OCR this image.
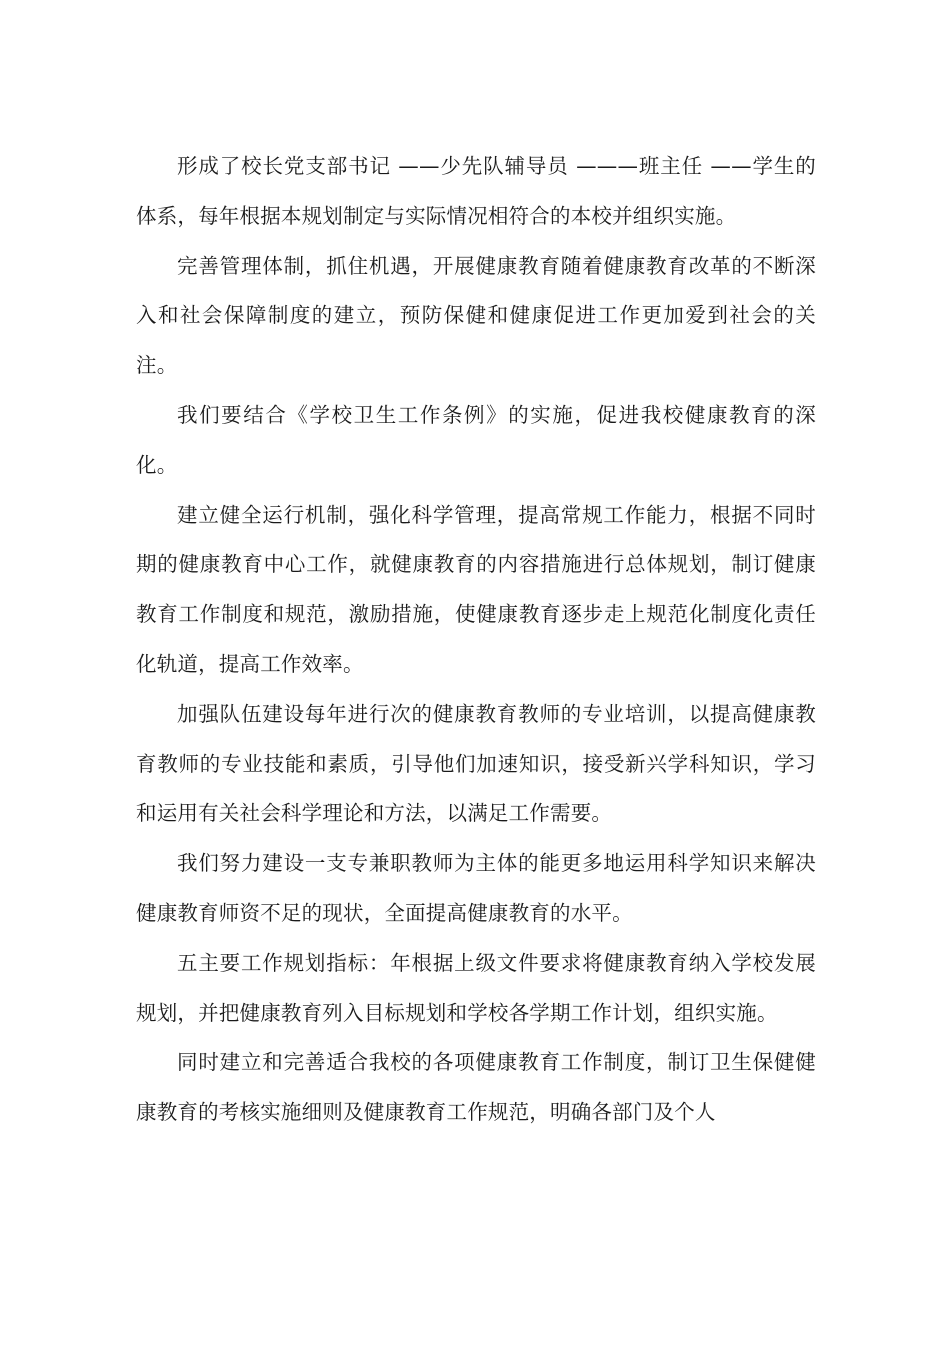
形成了校长党支部书记 ——少先队辅导员 ———班主任 ——学生的体系，每年根据本规划制定与实际情况相符合的本校并组织实施。

完善管理体制，抓住机遇，开展健康教育随着健康教育改革的不断深入和社会保障制度的建立，预防保健和健康促进工作更加爱到社会的关注。

我们要结合《学校卫生工作条例》的实施，促进我校健康教育的深化。

建立健全运行机制，强化科学管理，提高常规工作能力，根据不同时期的健康教育中心工作，就健康教育的内容措施进行总体规划，制订健康教育工作制度和规范，激励措施，使健康教育逐步走上规范化制度化责任化轨道，提高工作效率。

加强队伍建设每年进行次的健康教育教师的专业培训，以提高健康教育教师的专业技能和素质，引导他们加速知识，接受新兴学科知识，学习和运用有关社会科学理论和方法，以满足工作需要。

我们努力建设一支专兼职教师为主体的能更多地运用科学知识来解决健康教育师资不足的现状，全面提高健康教育的水平。

五主要工作规划指标：年根据上级文件要求将健康教育纳入学校发展规划，并把健康教育列入目标规划和学校各学期工作计划，组织实施。

同时建立和完善适合我校的各项健康教育工作制度，制订卫生保健健康教育的考核实施细则及健康教育工作规范，明确各部门及个人
